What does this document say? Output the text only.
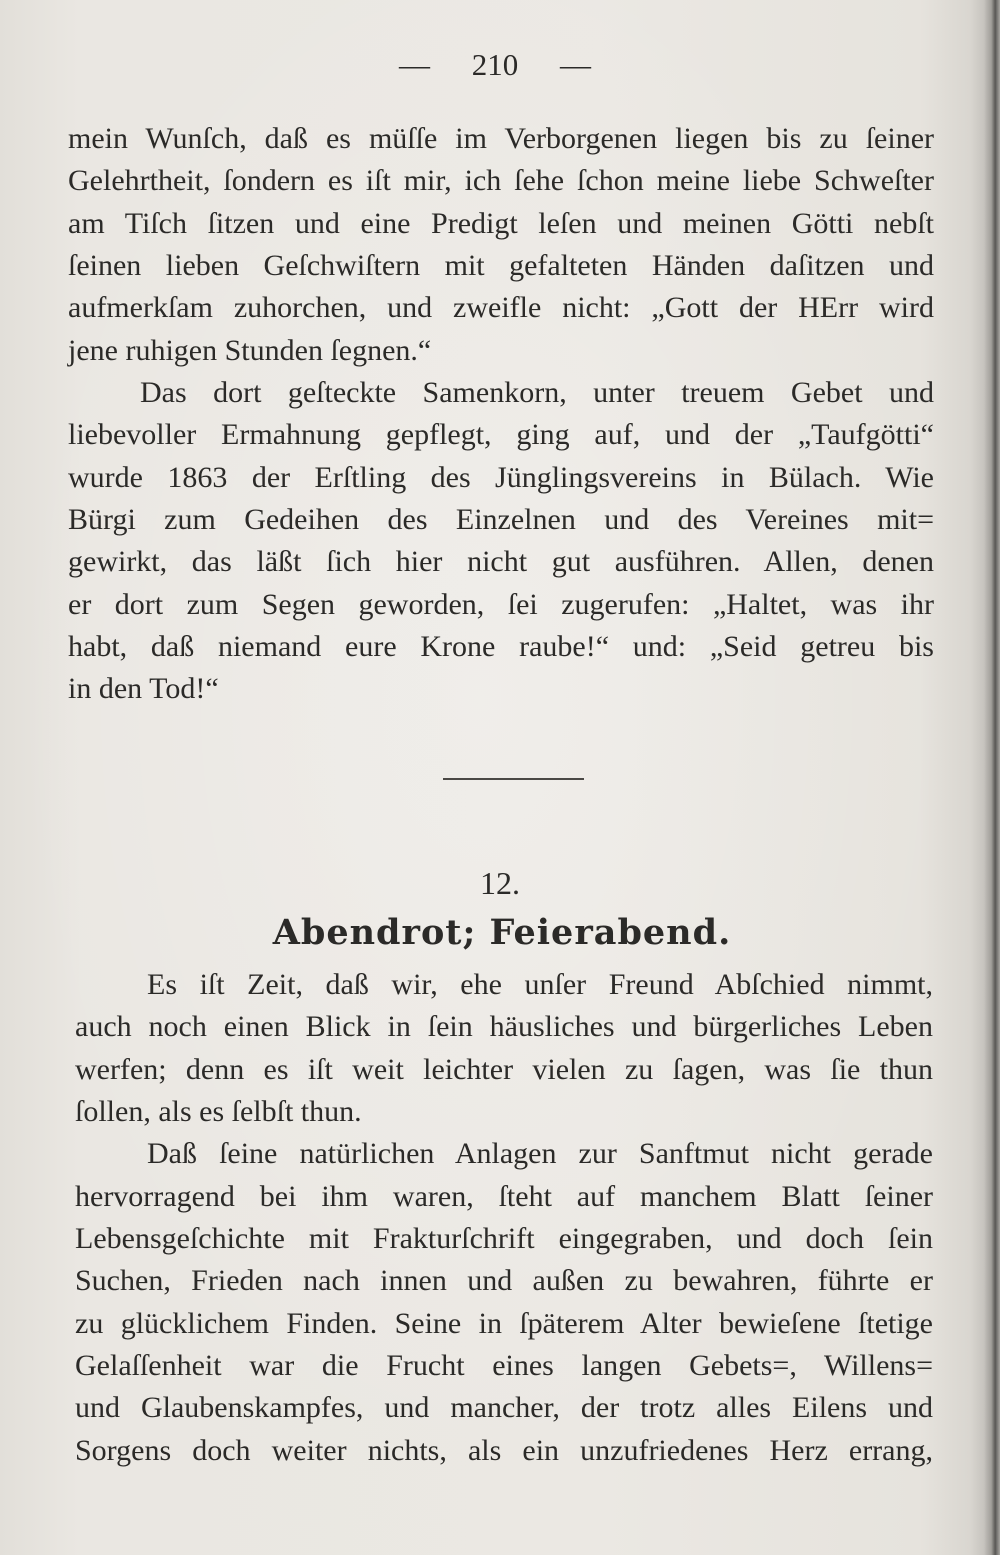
— 210 —
mein Wunſch, daß es müſſe im Verborgenen liegen bis zu ſeiner
Gelehrtheit, ſondern es iſt mir, ich ſehe ſchon meine liebe Schweſter
am Tiſch ſitzen und eine Predigt leſen und meinen Götti nebſt
ſeinen lieben Geſchwiſtern mit gefalteten Händen daſitzen und
aufmerkſam zuhorchen, und zweifle nicht: „Gott der HErr wird
jene ruhigen Stunden ſegnen.“
Das dort geſteckte Samenkorn, unter treuem Gebet und
liebevoller Ermahnung gepflegt, ging auf, und der „Taufgötti“
wurde 1863 der Erſtling des Jünglingsvereins in Bülach. Wie
Bürgi zum Gedeihen des Einzelnen und des Vereines mit=
gewirkt, das läßt ſich hier nicht gut ausführen. Allen, denen
er dort zum Segen geworden, ſei zugerufen: „Haltet, was ihr
habt, daß niemand eure Krone raube!“ und: „Seid getreu bis
in den Tod!“
12.
Abendrot; Feierabend.
Es iſt Zeit, daß wir, ehe unſer Freund Abſchied nimmt,
auch noch einen Blick in ſein häusliches und bürgerliches Leben
werfen; denn es iſt weit leichter vielen zu ſagen, was ſie thun
ſollen, als es ſelbſt thun.
Daß ſeine natürlichen Anlagen zur Sanftmut nicht gerade
hervorragend bei ihm waren, ſteht auf manchem Blatt ſeiner
Lebensgeſchichte mit Frakturſchrift eingegraben, und doch ſein
Suchen, Frieden nach innen und außen zu bewahren, führte er
zu glücklichem Finden. Seine in ſpäterem Alter bewieſene ſtetige
Gelaſſenheit war die Frucht eines langen Gebets=, Willens=
und Glaubenskampfes, und mancher, der trotz alles Eilens und
Sorgens doch weiter nichts, als ein unzufriedenes Herz errang,
